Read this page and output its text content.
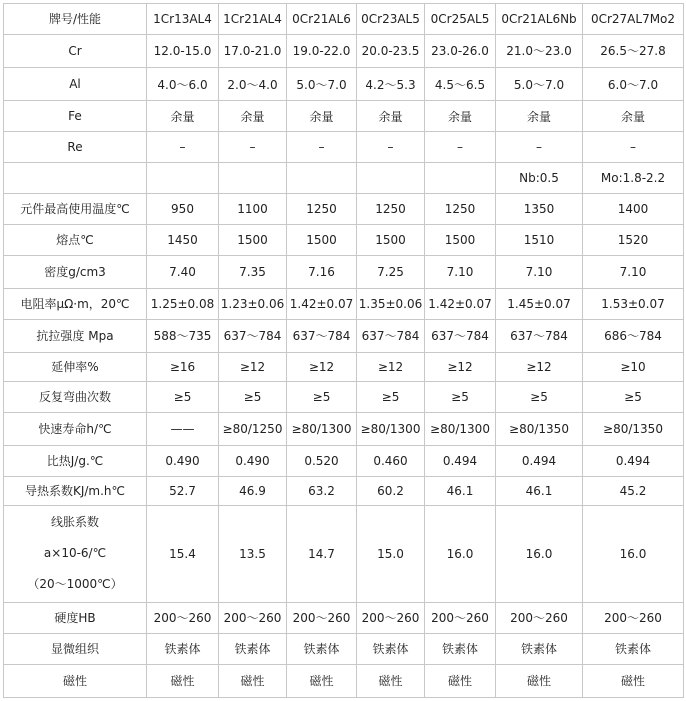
牌号/性能	1Cr13AL4	1Cr21AL4	0Cr21AL6	0Cr23AL5	0Cr25AL5	0Cr21AL6Nb	0Cr27AL7Mo2
Cr	12.0-15.0	17.0-21.0	19.0-22.0	20.0-23.5	23.0-26.0	21.0～23.0	26.5～27.8
Al	4.0～6.0	2.0～4.0	5.0～7.0	4.2～5.3	4.5～6.5	5.0～7.0	6.0～7.0
Fe	余量	余量	余量	余量	余量	余量	余量
Re	–	–	–	–	–	–	–
						Nb:0.5	Mo:1.8-2.2
元件最高使用温度℃	950	1100	1250	1250	1250	1350	1400
熔点℃	1450	1500	1500	1500	1500	1510	1520
密度g/cm3	7.40	7.35	7.16	7.25	7.10	7.10	7.10
电阻率μΩ·m，20℃	1.25±0.08	1.23±0.06	1.42±0.07	1.35±0.06	1.42±0.07	1.45±0.07	1.53±0.07
抗拉强度 Mpa	588～735	637～784	637～784	637～784	637～784	637～784	686～784
延伸率%	≥16	≥12	≥12	≥12	≥12	≥12	≥10
反复弯曲次数	≥5	≥5	≥5	≥5	≥5	≥5	≥5
快速寿命h/℃	——	≥80/1250	≥80/1300	≥80/1300	≥80/1300	≥80/1350	≥80/1350
比热J/g.℃	0.490	0.490	0.520	0.460	0.494	0.494	0.494
导热系数KJ/m.h℃	52.7	46.9	63.2	60.2	46.1	46.1	45.2

线胀系数
a×10-6/℃
（20～1000℃）	15.4	13.5	14.7	15.0	16.0	16.0	16.0
硬度HB	200～260	200～260	200～260	200～260	200～260	200～260	200～260
显微组织	铁素体	铁素体	铁素体	铁素体	铁素体	铁素体	铁素体
磁性	磁性	磁性	磁性	磁性	磁性	磁性	磁性
